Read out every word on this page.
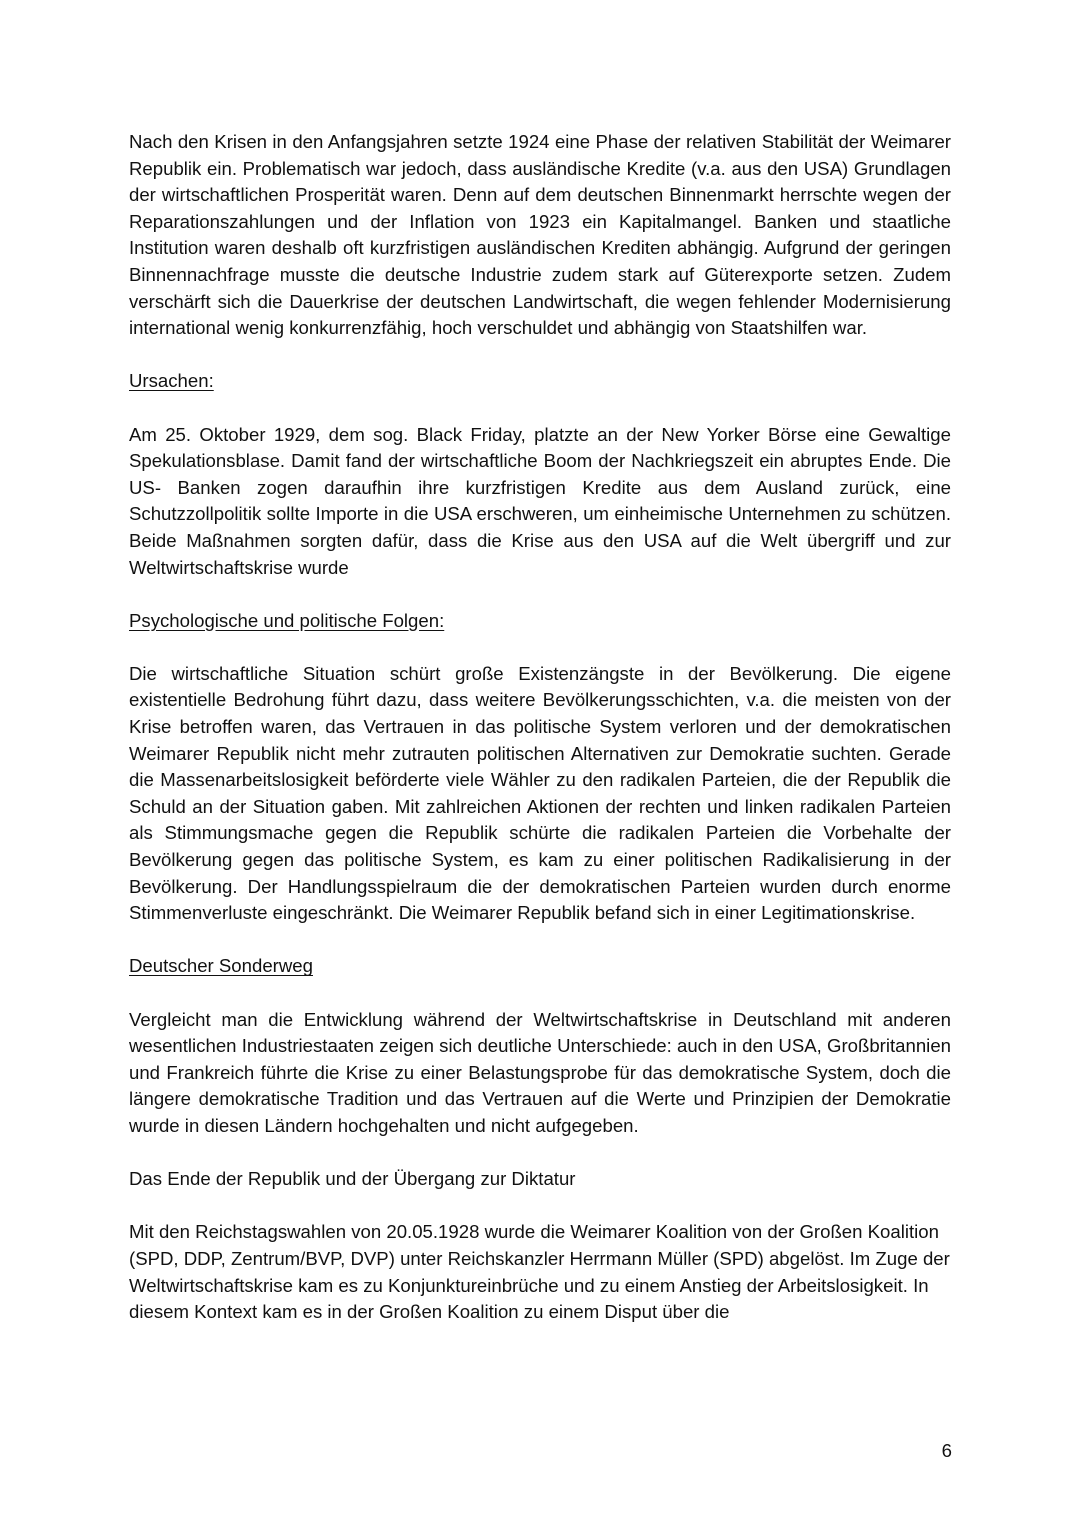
Nach den Krisen in den Anfangsjahren setzte 1924 eine Phase der relativen Stabilität der Weimarer Republik ein. Problematisch war jedoch, dass ausländische Kredite (v.a. aus den USA) Grundlagen der wirtschaftlichen Prosperität waren. Denn auf dem deutschen Binnenmarkt herrschte wegen der Reparationszahlungen und der Inflation von 1923 ein Kapitalmangel. Banken und staatliche Institution waren deshalb oft kurzfristigen ausländischen Krediten abhängig. Aufgrund der geringen Binnennachfrage musste die deutsche Industrie zudem stark auf Güterexporte setzen. Zudem verschärft sich die Dauerkrise der deutschen Landwirtschaft, die wegen fehlender Modernisierung international wenig konkurrenzfähig, hoch verschuldet und abhängig von Staatshilfen war.

Ursachen:

Am 25. Oktober 1929, dem sog. Black Friday, platzte an der New Yorker Börse eine Gewaltige Spekulationsblase. Damit fand der wirtschaftliche Boom der Nachkriegszeit ein abruptes Ende. Die US- Banken zogen daraufhin ihre kurzfristigen Kredite aus dem Ausland zurück, eine Schutzzollpolitik sollte Importe in die USA erschweren, um einheimische Unternehmen zu schützen. Beide Maßnahmen sorgten dafür, dass die Krise aus den USA auf die Welt übergriff und zur Weltwirtschaftskrise wurde

Psychologische und politische Folgen:

Die wirtschaftliche Situation schürt große Existenzängste in der Bevölkerung. Die eigene existentielle Bedrohung führt dazu, dass weitere Bevölkerungsschichten, v.a. die meisten von der Krise betroffen waren, das Vertrauen in das politische System verloren und der demokratischen Weimarer Republik nicht mehr zutrauten politischen Alternativen zur Demokratie suchten. Gerade die Massenarbeitslosigkeit beförderte viele Wähler zu den radikalen Parteien, die der Republik die Schuld an der Situation gaben. Mit zahlreichen Aktionen der rechten und linken radikalen Parteien als Stimmungsmache gegen die Republik schürte die radikalen Parteien die Vorbehalte der Bevölkerung gegen das politische System, es kam zu einer politischen Radikalisierung in der Bevölkerung. Der Handlungsspielraum die der demokratischen Parteien wurden durch enorme Stimmenverluste eingeschränkt. Die Weimarer Republik befand sich in einer Legitimationskrise.

Deutscher Sonderweg

Vergleicht man die Entwicklung während der Weltwirtschaftskrise in Deutschland mit anderen wesentlichen Industriestaaten zeigen sich deutliche Unterschiede: auch in den USA, Großbritannien und Frankreich führte die Krise zu einer Belastungsprobe für das demokratische System, doch die längere demokratische Tradition und das Vertrauen auf die Werte und Prinzipien der Demokratie wurde in diesen Ländern hochgehalten und nicht aufgegeben.

Das Ende der Republik und der Übergang zur Diktatur

Mit den Reichstagswahlen von 20.05.1928 wurde die Weimarer Koalition von der Großen Koalition (SPD, DDP, Zentrum/BVP, DVP) unter Reichskanzler Herrmann Müller (SPD) abgelöst. Im Zuge der Weltwirtschaftskrise kam es zu Konjunktureinbrüche und zu einem Anstieg der Arbeitslosigkeit. In diesem Kontext kam es in der Großen Koalition zu einem Disput über die

6
